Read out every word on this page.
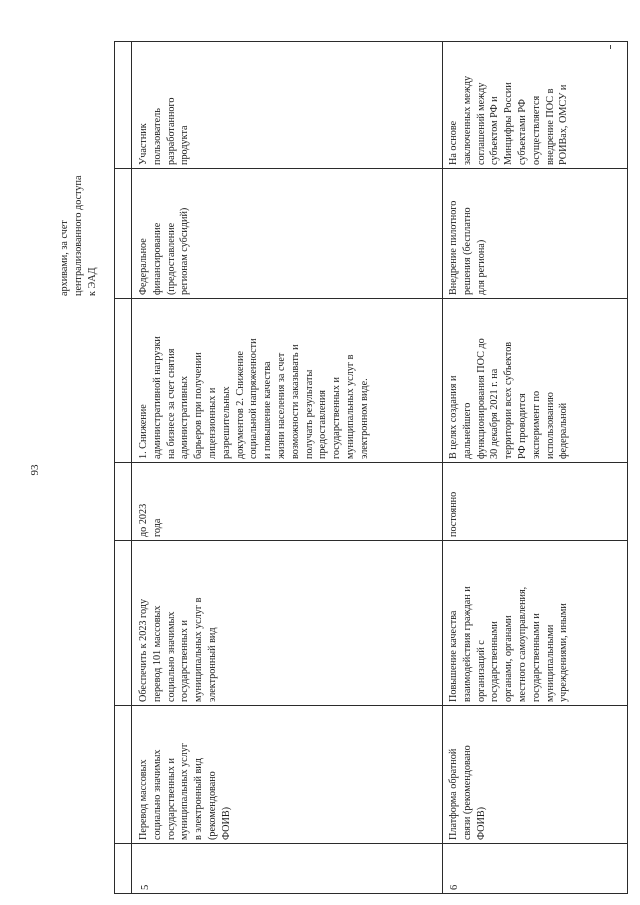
93
архивами, за счет
централизованного доступа
к ЭАД
5
Перевод массовых
социально значимых
государственных и
муниципальных услуг
в электронный вид
(рекомендовано
ФОИВ)
Обеспечить к 2023 году
перевод 101 массовых
социально значимых
государственных и
муниципальных услуг в
электронный вид
до 2023
года
1. Снижение
административной нагрузки
на бизнесе за счет снятия
административных
барьеров при получении
лицензионных и
разрешительных
документов 2. Снижение
социальной напряженности
и повышение качества
жизни населения за счет
возможности заказывать и
получать результаты
предоставления
государственных и
муниципальных услуг в
электронном виде.
Федеральное
финансирование
(предоставление
регионам субсидий)
Участник
пользователь
разработанного
продукта
6
Платформа обратной
связи (рекомендовано
ФОИВ)
Повышение качества
взаимодействия граждан и
организаций с
государственными
органами, органами
местного самоуправления,
государственными и
муниципальными
учреждениями, иными
постоянно
В целях создания и
дальнейшего
функционирования ПОС до
30 декабря 2021 г. на
территории всех субъектов
РФ проводится
эксперимент по
использованию
федеральной
Внедрение пилотного
решения (бесплатно
для региона)
На основе
заключенных между
соглашений между
субъектом РФ и
Минцифры России
субъектами РФ
осуществляется
внедрение ПОС в
РОИВах, ОМСУ и
